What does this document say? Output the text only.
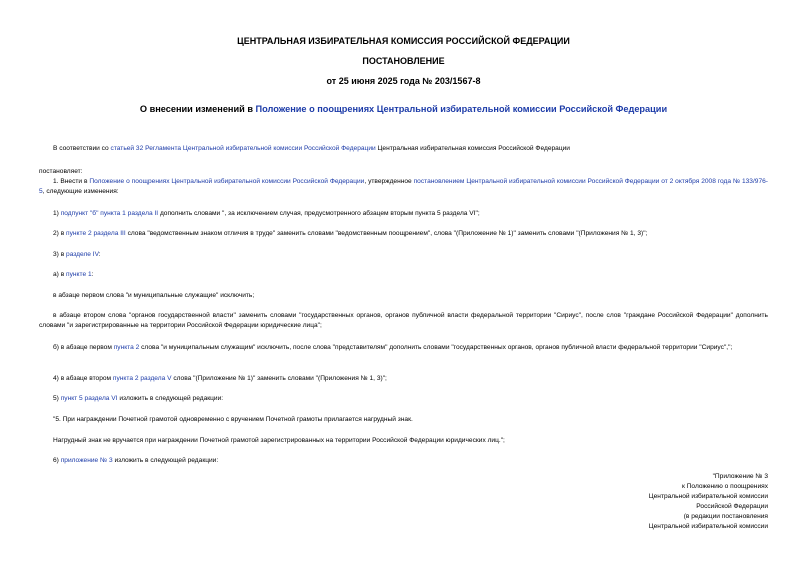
ЦЕНТРАЛЬНАЯ ИЗБИРАТЕЛЬНАЯ КОМИССИЯ РОССИЙСКОЙ ФЕДЕРАЦИИ
ПОСТАНОВЛЕНИЕ
от 25 июня 2025 года № 203/1567-8
О внесении изменений в Положение о поощрениях Центральной избирательной комиссии Российской Федерации
В соответствии со статьей 32 Регламента Центральной избирательной комиссии Российской Федерации Центральная избирательная комиссия Российской Федерации
постановляет:
1. Внести в Положение о поощрениях Центральной избирательной комиссии Российской Федерации, утвержденное постановлением Центральной избирательной комиссии Российской Федерации от 2 октября 2008 года № 133/976-5, следующие изменения:
1) подпункт "б" пункта 1 раздела II дополнить словами ", за исключением случая, предусмотренного абзацем вторым пункта 5 раздела VI";
2) в пункте 2 раздела III слова "ведомственным знаком отличия в труде" заменить словами "ведомственным поощрением", слова "(Приложение № 1)" заменить словами "(Приложения № 1, 3)";
3) в разделе IV:
а) в пункте 1:
в абзаце первом слова "и муниципальные служащие" исключить;
в абзаце втором слова "органов государственной власти" заменить словами "государственных органов, органов публичной власти федеральной территории "Сириус", после слов "граждане Российской Федерации" дополнить словами "и зарегистрированные на территории Российской Федерации юридические лица";
б) в абзаце первом пункта 2 слова "и муниципальным служащим" исключить, после слова "представителям" дополнить словами "государственных органов, органов публичной власти федеральной территории "Сириус",";
4) в абзаце втором пункта 2 раздела V слова "(Приложение № 1)" заменить словами "(Приложения № 1, 3)";
5) пункт 5 раздела VI изложить в следующей редакции:
"5. При награждении Почетной грамотой одновременно с вручением Почетной грамоты прилагается нагрудный знак.
Нагрудный знак не вручается при награждении Почетной грамотой зарегистрированных на территории Российской Федерации юридических лиц.";
6) приложение № 3 изложить в следующей редакции:
"Приложение № 3
к Положению о поощрениях
Центральной избирательной комиссии
Российской Федерации
(в редакции постановления
Центральной избирательной комиссии
